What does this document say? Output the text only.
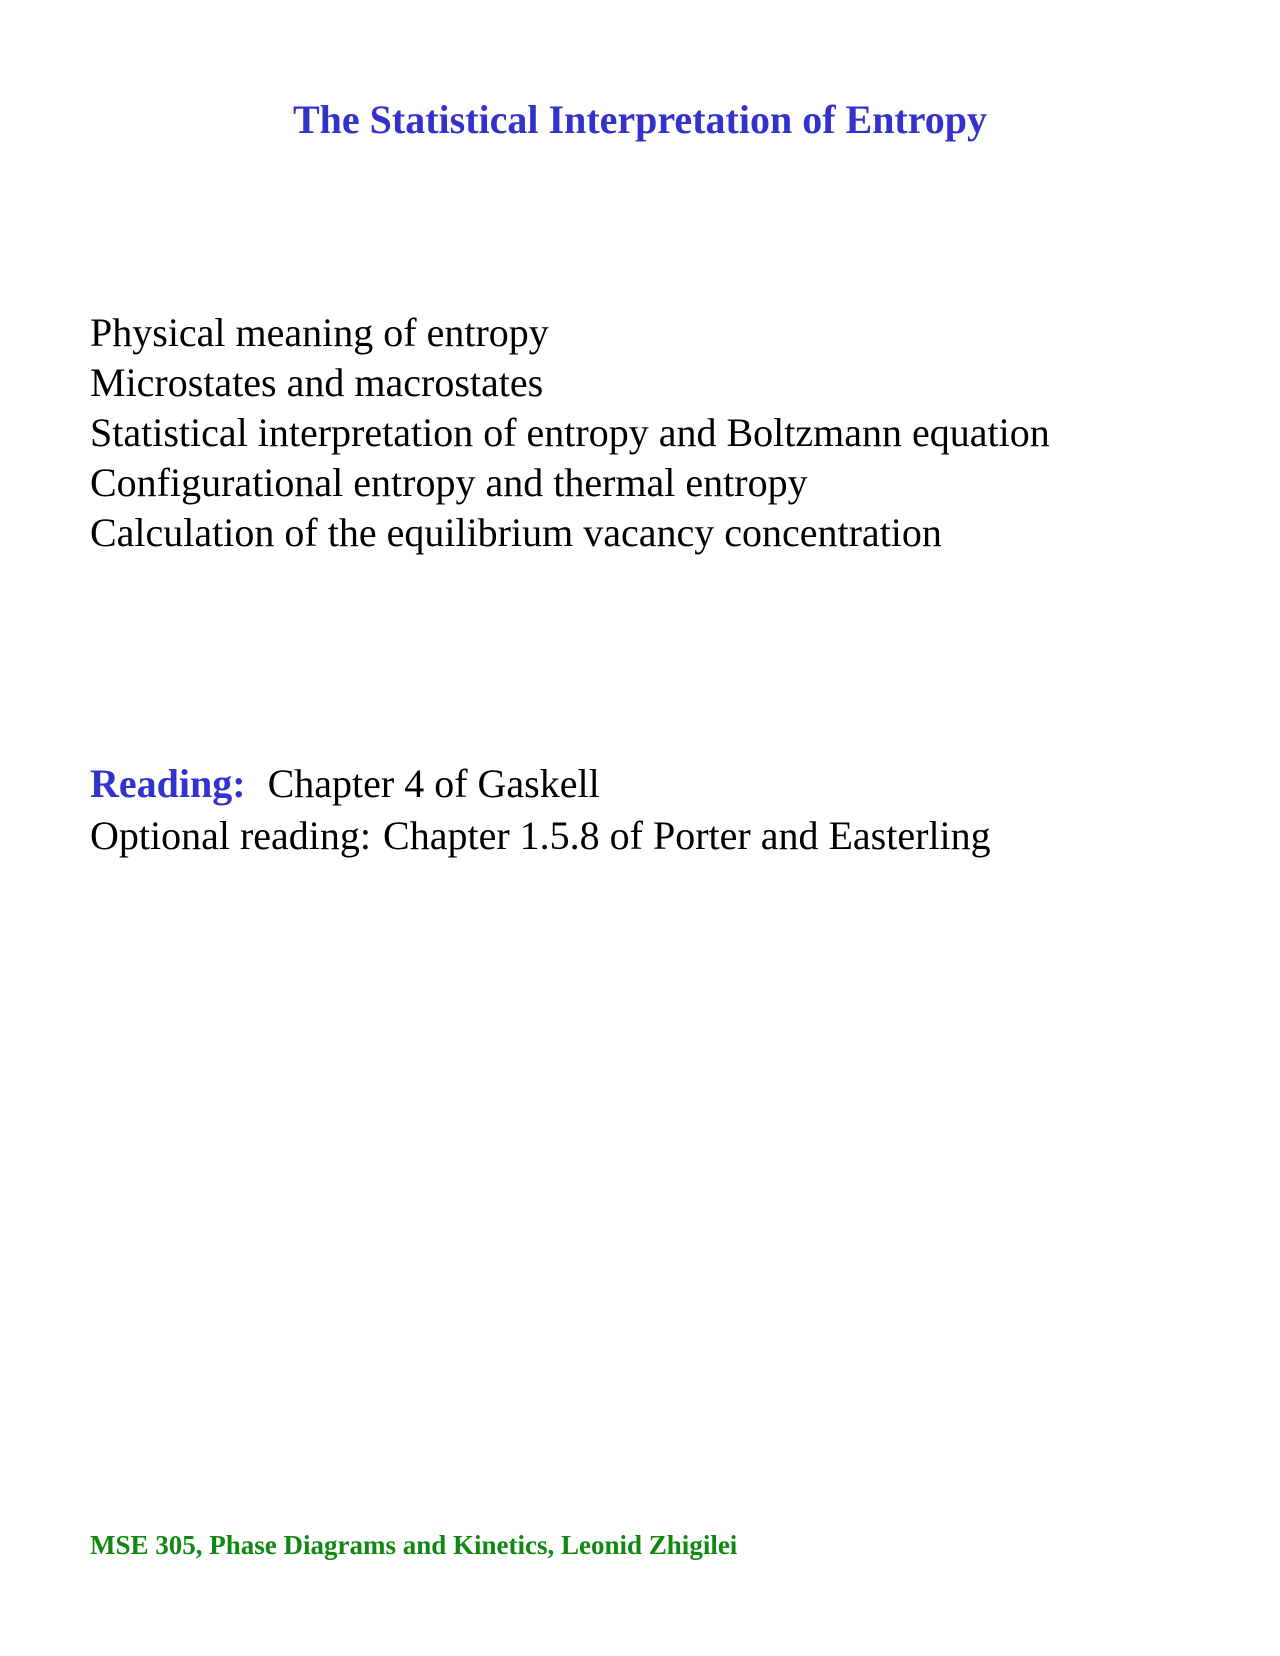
The Statistical Interpretation of Entropy
Physical meaning of entropy
Microstates and macrostates
Statistical interpretation of entropy and Boltzmann equation
Configurational entropy and thermal entropy
Calculation of the equilibrium vacancy concentration
Reading: Chapter 4 of Gaskell
Optional reading: Chapter 1.5.8 of Porter and Easterling
MSE 305, Phase Diagrams and Kinetics, Leonid Zhigilei
